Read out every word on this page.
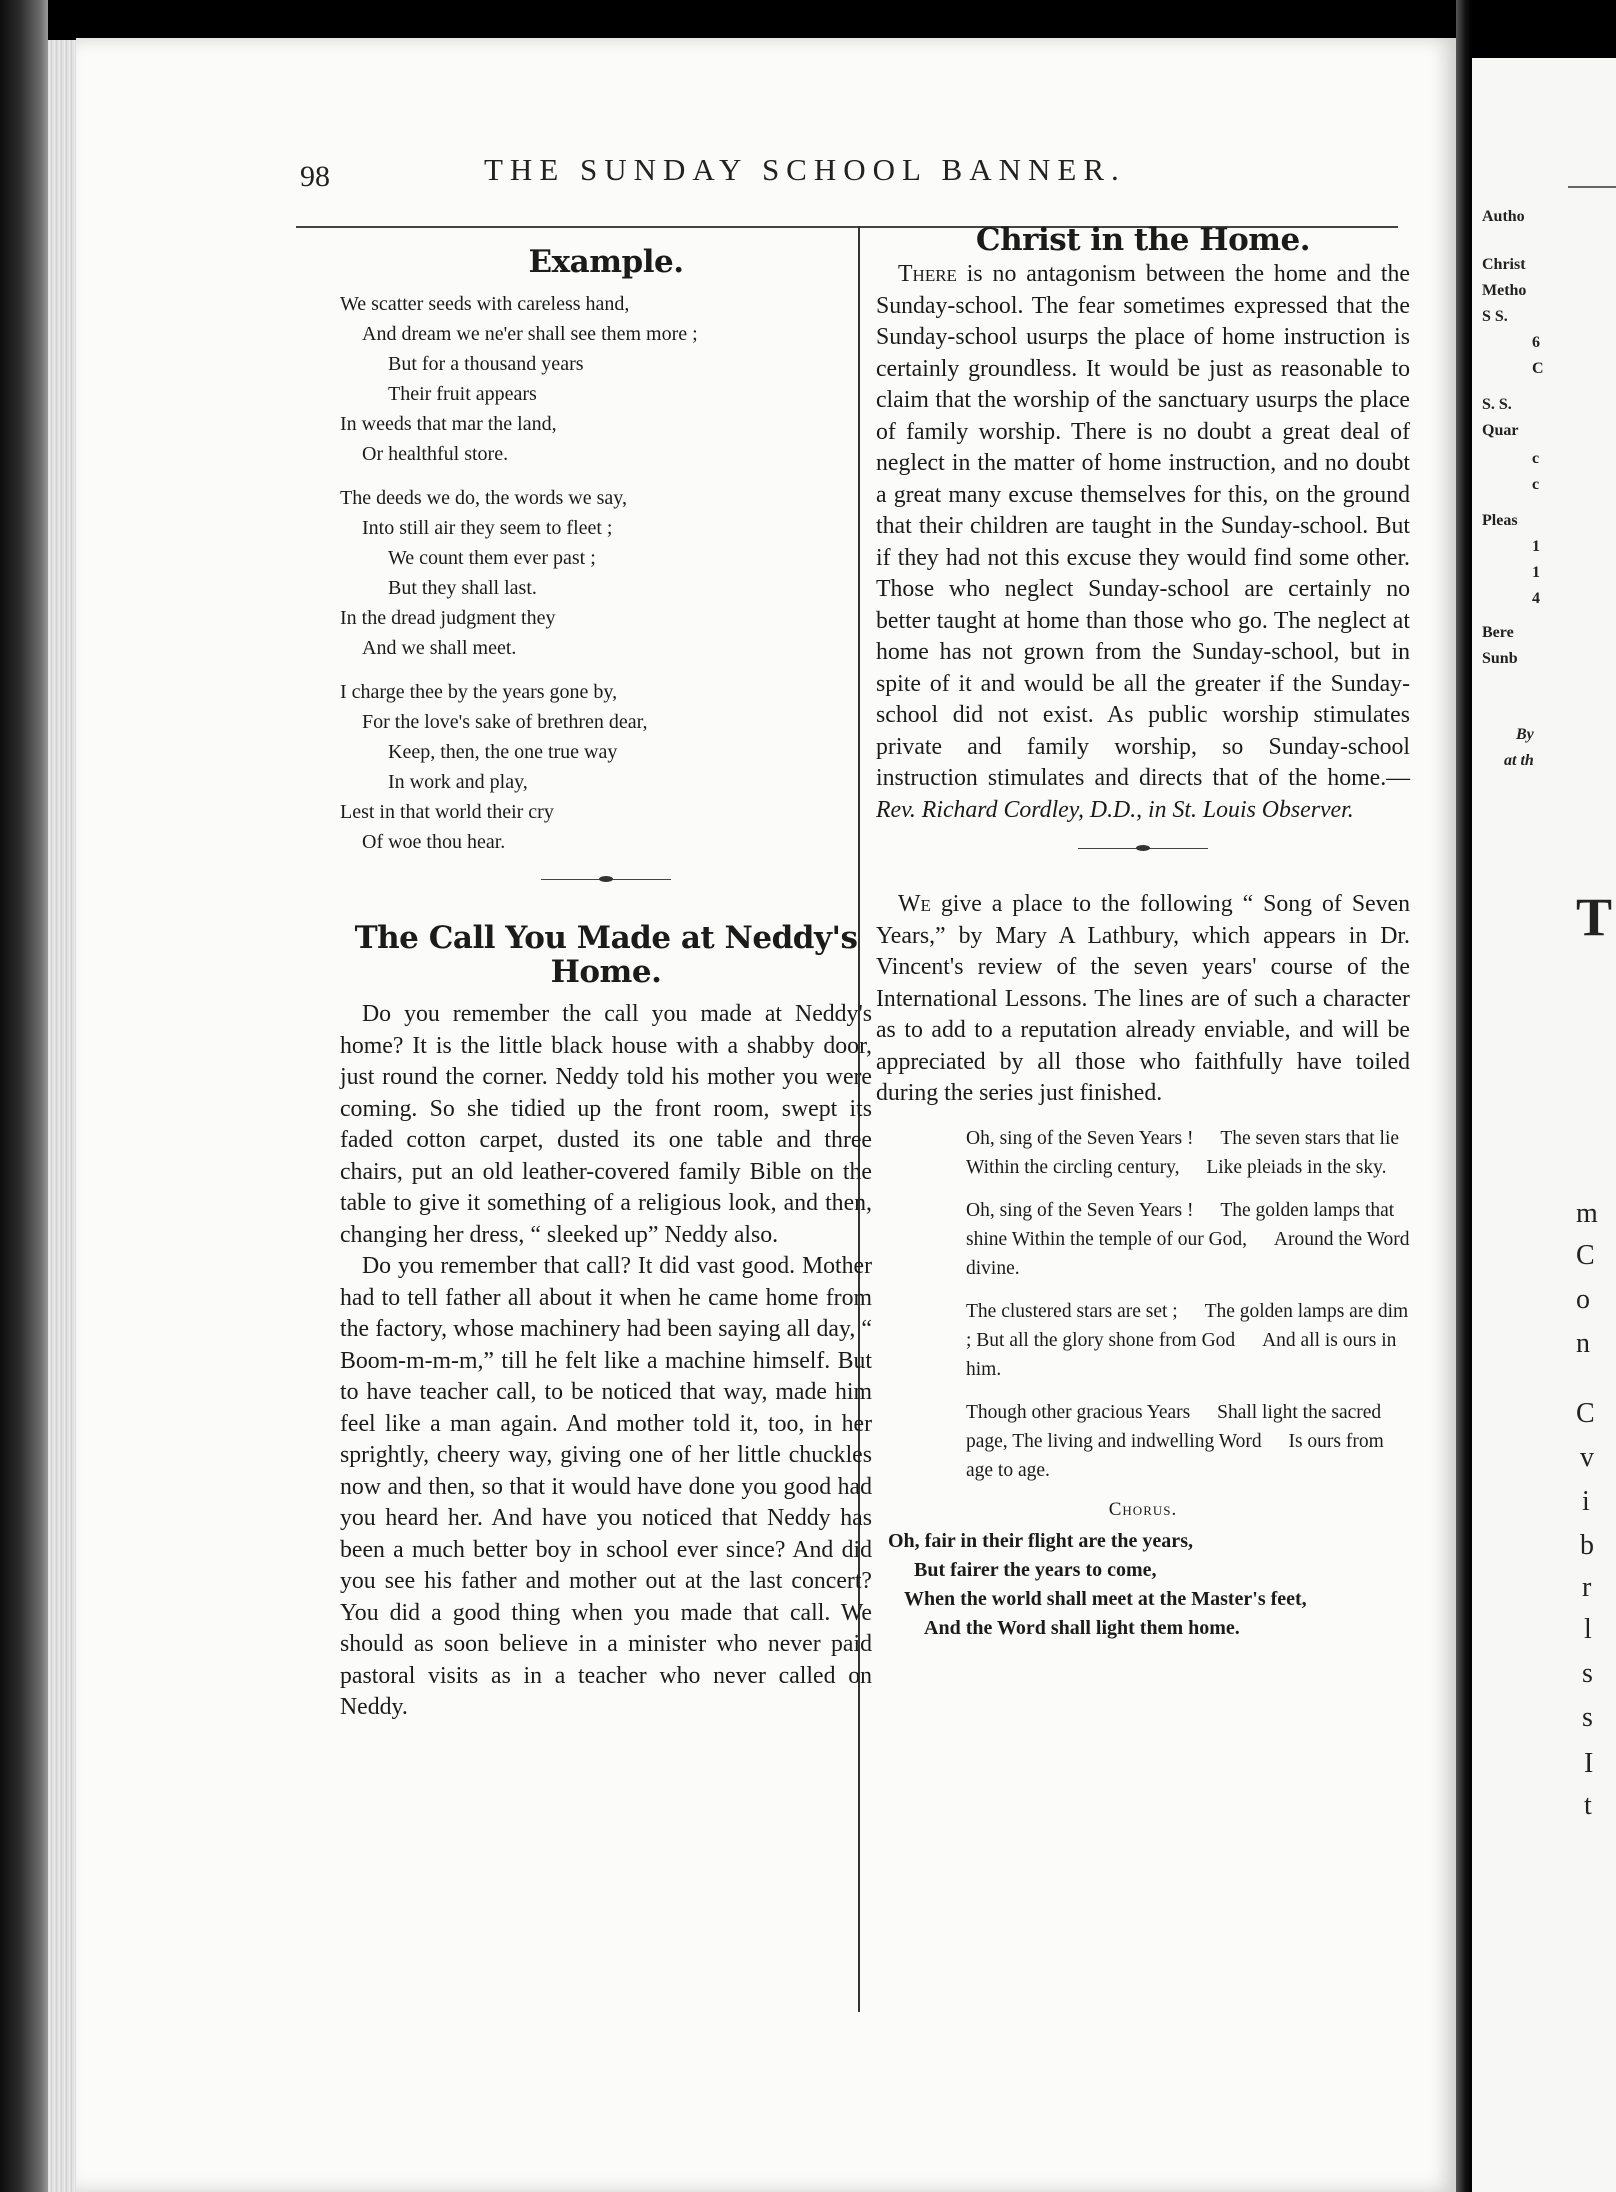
98	THE SUNDAY SCHOOL BANNER.
Example.
We scatter seeds with careless hand,
And dream we ne'er shall see them more ;
But for a thousand years
Their fruit appears
In weeds that mar the land,
Or healthful store.
The deeds we do, the words we say,
Into still air they seem to fleet ;
We count them ever past ;
But they shall last.
In the dread judgment they
And we shall meet.
I charge thee by the years gone by,
For the love's sake of brethren dear,
Keep, then, the one true way
In work and play,
Lest in that world their cry
Of woe thou hear.
The Call You Made at Neddy's Home.

Do you remember the call you made at Neddy's home? It is the little black house with a shabby door, just round the corner. Neddy told his mother you were coming. So she tidied up the front room, swept its faded cotton carpet, dusted its one table and three chairs, put an old leather-covered family Bible on the table to give it something of a religious look, and then, changing her dress, “ sleeked up” Neddy also.

Do you remember that call? It did vast good. Mother had to tell father all about it when he came home from the factory, whose machinery had been saying all day, “ Boom-m-m-m,” till he felt like a machine himself. But to have teacher call, to be noticed that way, made him feel like a man again. And mother told it, too, in her sprightly, cheery way, giving one of her little chuckles now and then, so that it would have done you good had you heard her. And have you noticed that Neddy has been a much better boy in school ever since? And did you see his father and mother out at the last concert? You did a good thing when you made that call. We should as soon believe in a minister who never paid pastoral visits as in a teacher who never called on Neddy.

Christ in the Home.

There is no antagonism between the home and the Sunday-school. The fear sometimes expressed that the Sunday-school usurps the place of home instruction is certainly groundless. It would be just as reasonable to claim that the worship of the sanctuary usurps the place of family worship. There is no doubt a great deal of neglect in the matter of home instruction, and no doubt a great many excuse themselves for this, on the ground that their children are taught in the Sunday-school. But if they had not this excuse they would find some other. Those who neglect Sunday-school are certainly no better taught at home than those who go. The neglect at home has not grown from the Sunday-school, but in spite of it and would be all the greater if the Sunday-school did not exist. As public worship stimulates private and family worship, so Sunday-school instruction stimulates and directs that of the home.—Rev. Richard Cordley, D.D., in St. Louis Observer.

We give a place to the following “ Song of Seven Years,” by Mary A Lathbury, which appears in Dr. Vincent's review of the seven years' course of the International Lessons. The lines are of such a character as to add to a reputation already enviable, and will be appreciated by all those who faithfully have toiled during the series just finished.

Oh, sing of the Seven Years ! The seven stars that lie Within the circling century, Like pleiads in the sky.
Oh, sing of the Seven Years ! The golden lamps that shine Within the temple of our God, Around the Word divine.
The clustered stars are set ; The golden lamps are dim ; But all the glory shone from God And all is ours in him.
Though other gracious Years Shall light the sacred page, The living and indwelling Word Is ours from age to age.
Chorus.
Oh, fair in their flight are the years,
But fairer the years to come,
When the world shall meet at the Master's feet,
And the Word shall light them home.
Autho
Christ
Metho
S S.
6
C
S. S.
Quar
c
c
Pleas
1
1
4
Bere
Sunb
By
at th
T
m
C
o
n
C
v
i
b
r
l
s
s
I
t
